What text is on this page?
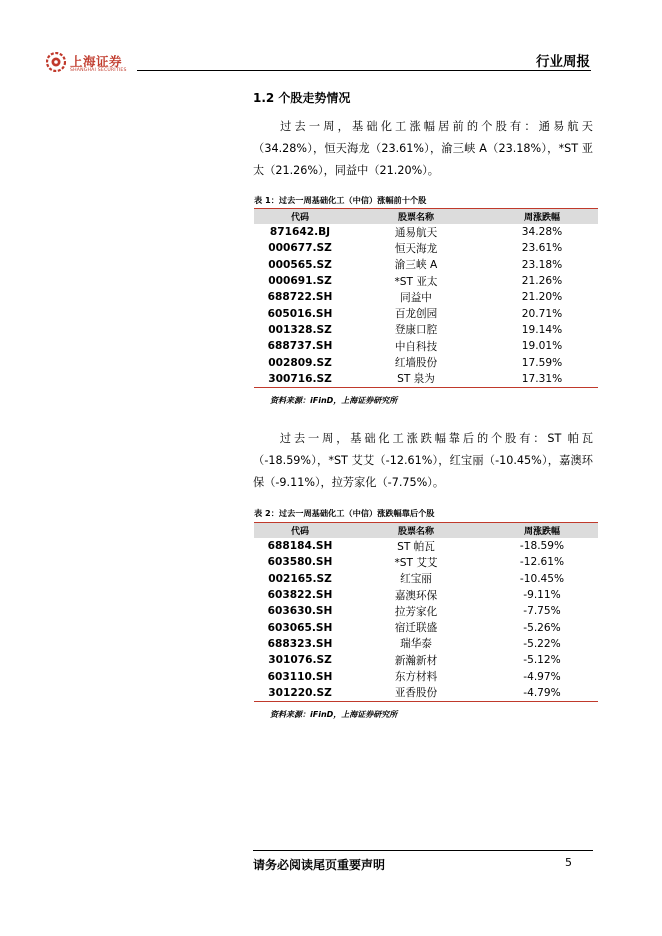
上海证券
SHANGHAI SECURITIES
行业周报
1.2 个股走势情况
过去一周，基础化工涨幅居前的个股有：通易航天（34.28%），恒天海龙（23.61%），渝三峡 A（23.18%），*ST 亚太（21.26%），同益中（21.20%）。
表 1：过去一周基础化工（中信）涨幅前十个股
代码	股票名称	周涨跌幅
871642.BJ	通易航天	34.28%
000677.SZ	恒天海龙	23.61%
000565.SZ	渝三峡 A	23.18%
000691.SZ	*ST 亚太	21.26%
688722.SH	同益中	21.20%
605016.SH	百龙创园	20.71%
001328.SZ	登康口腔	19.14%
688737.SH	中自科技	19.01%
002809.SZ	红墙股份	17.59%
300716.SZ	ST 泉为	17.31%
资料来源：iFinD，上海证券研究所
过去一周，基础化工涨跌幅靠后的个股有：ST 帕瓦（-18.59%），*ST 艾艾（-12.61%），红宝丽（-10.45%），嘉澳环保（-9.11%），拉芳家化（-7.75%）。
表 2：过去一周基础化工（中信）涨跌幅靠后个股
代码	股票名称	周涨跌幅
688184.SH	ST 帕瓦	-18.59%
603580.SH	*ST 艾艾	-12.61%
002165.SZ	红宝丽	-10.45%
603822.SH	嘉澳环保	-9.11%
603630.SH	拉芳家化	-7.75%
603065.SH	宿迁联盛	-5.26%
688323.SH	瑞华泰	-5.22%
301076.SZ	新瀚新材	-5.12%
603110.SH	东方材料	-4.97%
301220.SZ	亚香股份	-4.79%
资料来源：iFinD，上海证券研究所
请务必阅读尾页重要声明	5
